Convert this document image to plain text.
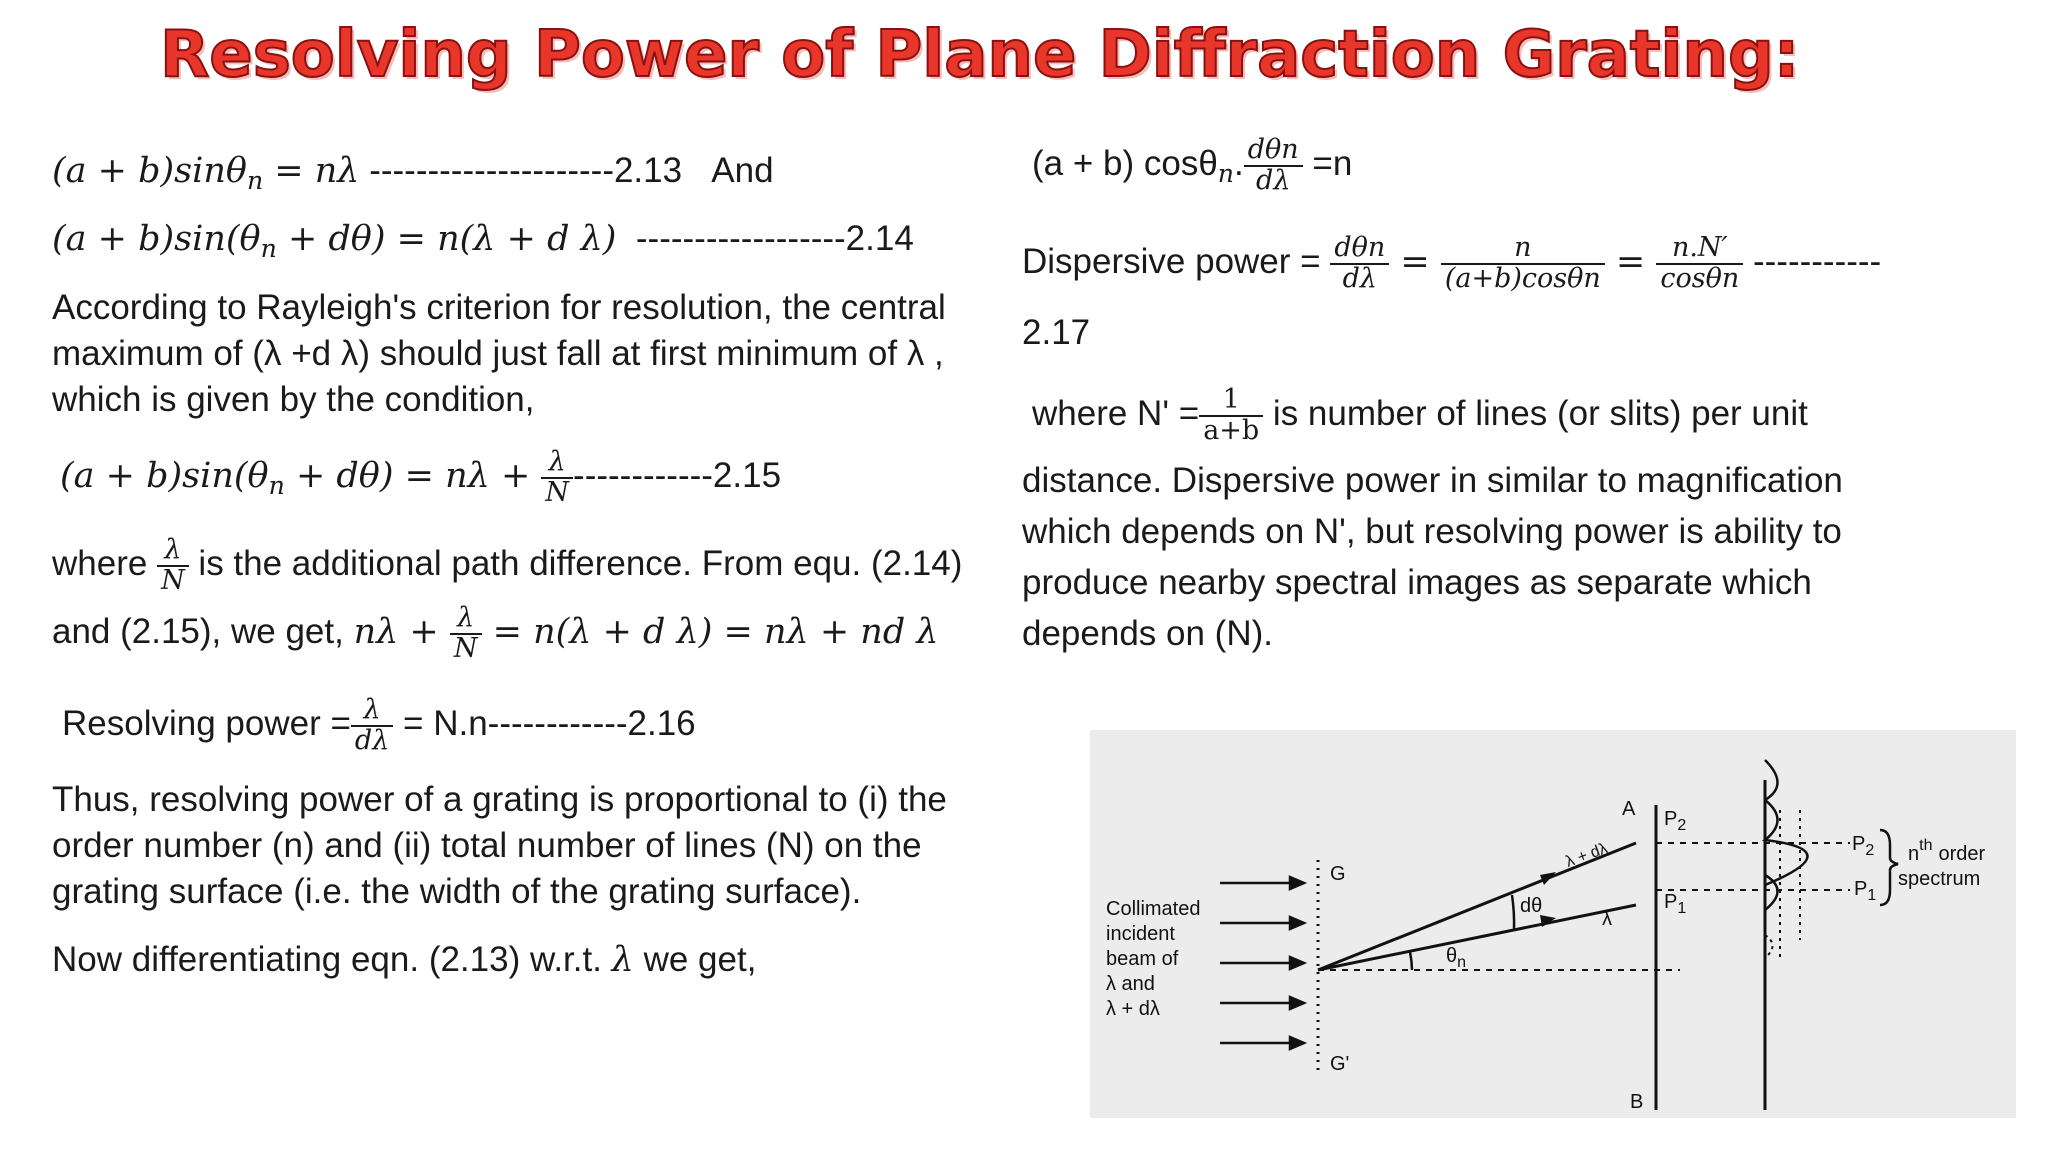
Resolving Power of Plane Diffraction Grating:
(a + b)sinθ$_n$ = nλ ---------------------2.13 And
$(a + b)\sin(\theta_n + d\theta) = n(\lambda + d$ λ) ------------------2.14
According to Rayleigh's criterion for resolution, the central
maximum of (λ +d λ) should just fall at first minimum of λ ,
which is given by the condition,
$(a + b)\sin(\theta_n + d\theta) = n\lambda + \frac{\lambda}{N} ------------2.15$
where $\frac{\lambda}{N}$ is the additional path difference. From equ. (2.14)
and (2.15), we get, $n\lambda + \frac{\lambda}{N} = n(\lambda + d$ λ) = nλ + nd λ
Resolving power = $\frac{\lambda}{d\lambda} = N.n------------2.16$
Thus, resolving power of a grating is proportional to (i) the
order number (n) and (ii) total number of lines (N) on the
grating surface (i.e. the width of the grating surface).
Now differentiating eqn. (2.13) w.r.t. λ we get,
(a + b) cosθ$_n$. $\frac{\text{dθn}}{d\lambda} =n$
Dispersive power = $\frac{\text{dθn}}{d\lambda} = \frac{n}{(a+b)\cos\theta n} = \frac{n.N'}{\cos\theta n}$ -----------
2.17
where $N' = \frac{1}{a+b}$ is number of lines (or slits) per unit
distance. Dispersive power in similar to magnification
which depends on N', but resolving power is ability to
produce nearby spectral images as separate which
depends on (N).
G
G'
Collimated
incident
beam of
λ and
λ + dλ
$\theta_n$
dθ
λ + dλ
λ
A
B
$P_2$
$P_1$
$P_2$
$P_1$
$n^{th}$ order
spectrum
